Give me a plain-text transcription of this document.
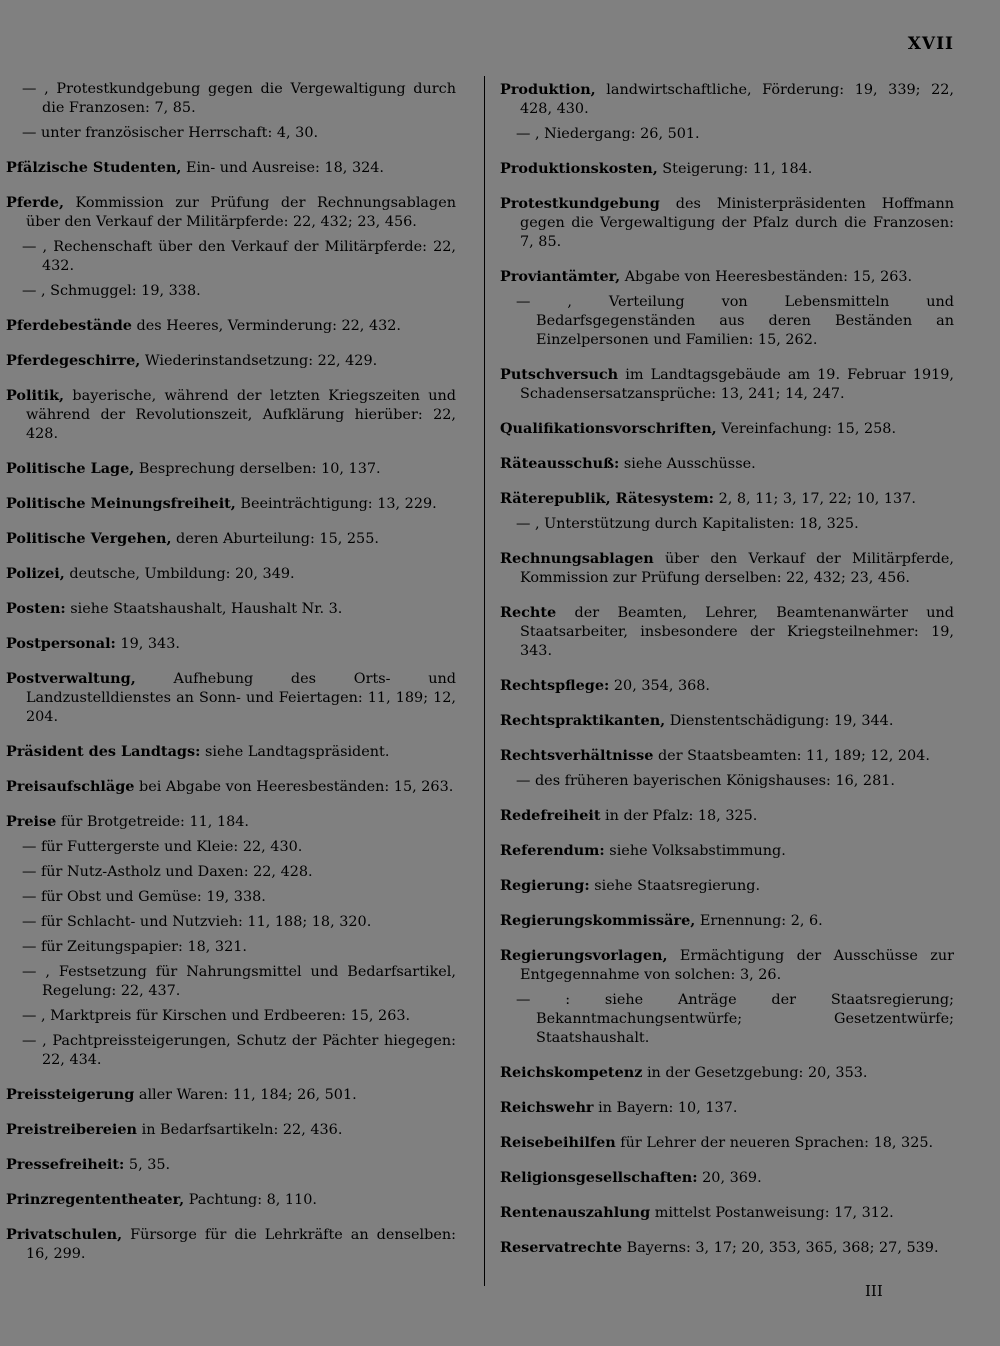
XVII
— , Protestkundgebung gegen die Vergewaltigung durch die Franzosen: 7, 85.
— unter französischer Herrschaft: 4, 30.
Pfälzische Studenten, Ein- und Ausreise: 18, 324.
Pferde, Kommission zur Prüfung der Rechnungsablagen über den Verkauf der Militärpferde: 22, 432; 23, 456.
— , Rechenschaft über den Verkauf der Militärpferde: 22, 432.
— , Schmuggel: 19, 338.
Pferdebestände des Heeres, Verminderung: 22, 432.
Pferdegeschirre, Wiederinstandsetzung: 22, 429.
Politik, bayerische, während der letzten Kriegszeiten und während der Revolutionszeit, Aufklärung hierüber: 22, 428.
Politische Lage, Besprechung derselben: 10, 137.
Politische Meinungsfreiheit, Beeinträchtigung: 13, 229.
Politische Vergehen, deren Aburteilung: 15, 255.
Polizei, deutsche, Umbildung: 20, 349.
Posten: siehe Staatshaushalt, Haushalt Nr. 3.
Postpersonal: 19, 343.
Postverwaltung, Aufhebung des Orts- und Landzustelldienstes an Sonn- und Feiertagen: 11, 189; 12, 204.
Präsident des Landtags: siehe Landtagspräsident.
Preisaufschläge bei Abgabe von Heeresbeständen: 15, 263.
Preise für Brotgetreide: 11, 184.
— für Futtergerste und Kleie: 22, 430.
— für Nutz-Astholz und Daxen: 22, 428.
— für Obst und Gemüse: 19, 338.
— für Schlacht- und Nutzvieh: 11, 188; 18, 320.
— für Zeitungspapier: 18, 321.
— , Festsetzung für Nahrungsmittel und Bedarfsartikel, Regelung: 22, 437.
— , Marktpreis für Kirschen und Erdbeeren: 15, 263.
— , Pachtpreissteigerungen, Schutz der Pächter hiegegen: 22, 434.
Preissteigerung aller Waren: 11, 184; 26, 501.
Preistreibereien in Bedarfsartikeln: 22, 436.
Pressefreiheit: 5, 35.
Prinzregententheater, Pachtung: 8, 110.
Privatschulen, Fürsorge für die Lehrkräfte an denselben: 16, 299.
Produktion, landwirtschaftliche, Förderung: 19, 339; 22, 428, 430.
— , Niedergang: 26, 501.
Produktionskosten, Steigerung: 11, 184.
Protestkundgebung des Ministerpräsidenten Hoffmann gegen die Vergewaltigung der Pfalz durch die Franzosen: 7, 85.
Proviantämter, Abgabe von Heeresbeständen: 15, 263.
— , Verteilung von Lebensmitteln und Bedarfsgegenständen aus deren Beständen an Einzelpersonen und Familien: 15, 262.
Putschversuch im Landtagsgebäude am 19. Februar 1919, Schadensersatzansprüche: 13, 241; 14, 247.
Qualifikationsvorschriften, Vereinfachung: 15, 258.
Räteausschuß: siehe Ausschüsse.
Räterepublik, Rätesystem: 2, 8, 11; 3, 17, 22; 10, 137.
— , Unterstützung durch Kapitalisten: 18, 325.
Rechnungsablagen über den Verkauf der Militärpferde, Kommission zur Prüfung derselben: 22, 432; 23, 456.
Rechte der Beamten, Lehrer, Beamtenanwärter und Staatsarbeiter, insbesondere der Kriegsteilnehmer: 19, 343.
Rechtspflege: 20, 354, 368.
Rechtspraktikanten, Dienstentschädigung: 19, 344.
Rechtsverhältnisse der Staatsbeamten: 11, 189; 12, 204.
— des früheren bayerischen Königshauses: 16, 281.
Redefreiheit in der Pfalz: 18, 325.
Referendum: siehe Volksabstimmung.
Regierung: siehe Staatsregierung.
Regierungskommissäre, Ernennung: 2, 6.
Regierungsvorlagen, Ermächtigung der Ausschüsse zur Entgegennahme von solchen: 3, 26.
— : siehe Anträge der Staatsregierung; Bekanntmachungsentwürfe; Gesetzentwürfe; Staatshaushalt.
Reichskompetenz in der Gesetzgebung: 20, 353.
Reichswehr in Bayern: 10, 137.
Reisebeihilfen für Lehrer der neueren Sprachen: 18, 325.
Religionsgesellschaften: 20, 369.
Rentenauszahlung mittelst Postanweisung: 17, 312.
Reservatrechte Bayerns: 3, 17; 20, 353, 365, 368; 27, 539.
III
